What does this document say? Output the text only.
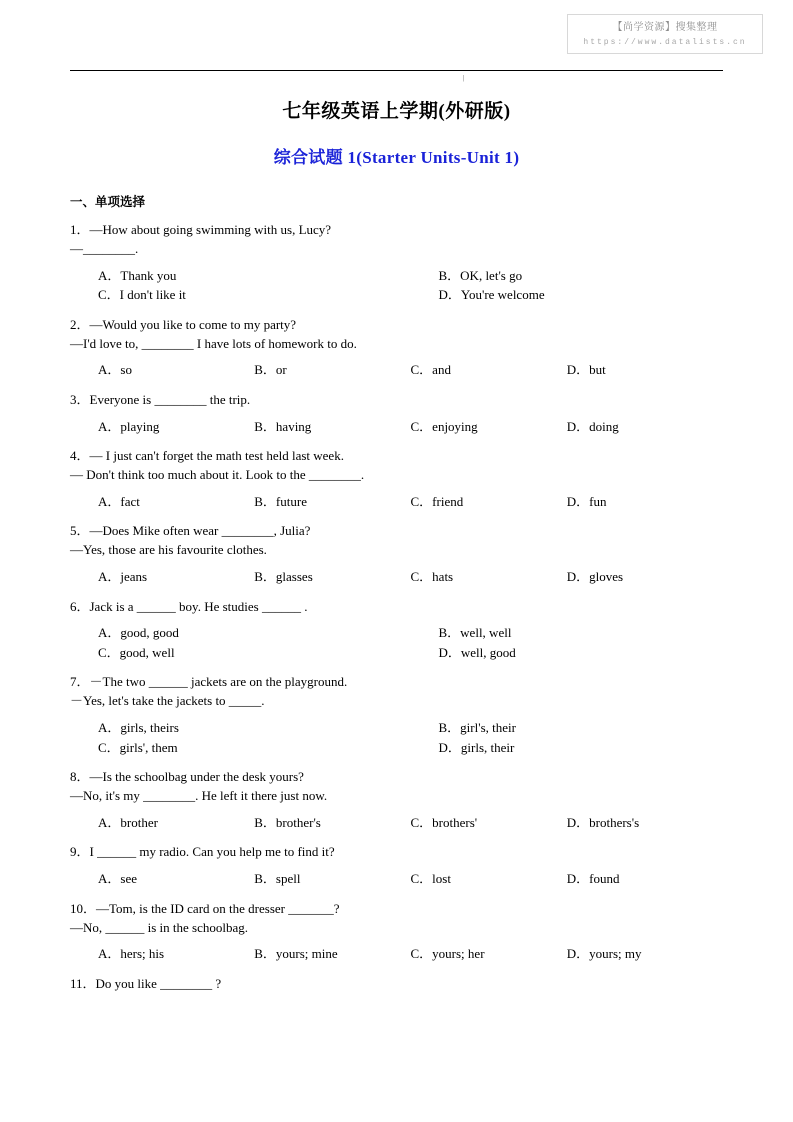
【尚学资源】搜集整理
https://www.datalists.cn
|
七年级英语上学期(外研版)
综合试题 1(Starter Units-Unit 1)
一、单项选择
1．—How about going swimming with us, Lucy?
—________.
A．Thank you	B．OK, let's go
C．I don't like it	D．You're welcome
2．—Would you like to come to my party?
—I'd love to, ________ I have lots of homework to do.
A．so	B．or	C．and	D．but
3．Everyone is ________ the trip.
A．playing	B．having	C．enjoying	D．doing
4．— I just can't forget the math test held last week.
— Don't think too much about it. Look to the ________.
A．fact	B．future	C．friend	D．fun
5．—Does Mike often wear ________, Julia?
—Yes, those are his favourite clothes.
A．jeans	B．glasses	C．hats	D．gloves
6．Jack is a ______ boy. He studies ______ .
A．good, good	B．well, well
C．good, well	D．well, good
7．－The two ______ jackets are on the playground.
－Yes, let's take the jackets to _____.
A．girls, theirs	B．girl's, their
C．girls', them	D．girls, their
8．—Is the schoolbag under the desk yours?
—No, it's my ________. He left it there just now.
A．brother	B．brother's	C．brothers'	D．brothers's
9．I ______ my radio. Can you help me to find it?
A．see	B．spell	C．lost	D．found
10．—Tom, is the ID card on the dresser _______?
—No, ______ is in the schoolbag.
A．hers; his	B．yours; mine	C．yours; her	D．yours; my
11．Do you like ________ ?
